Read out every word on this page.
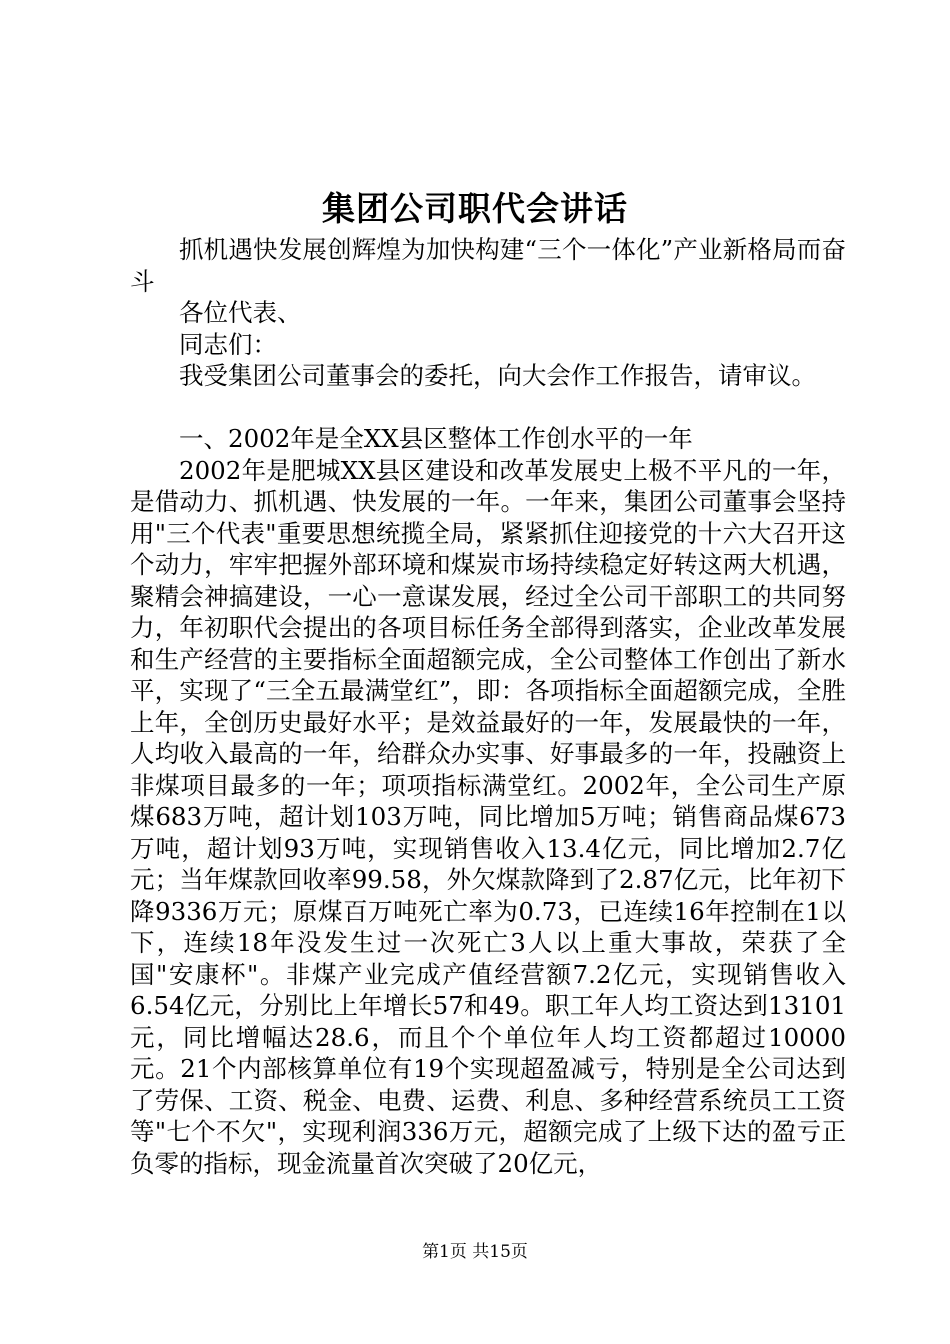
集团公司职代会讲话

抓机遇快发展创辉煌为加快构建“三个一体化”产业新格局而奋斗

各位代表、

同志们：

我受集团公司董事会的委托，向大会作工作报告，请审议。

一、2002年是全XX县区整体工作创水平的一年

2002年是肥城XX县区建设和改革发展史上极不平凡的一年，是借动力、抓机遇、快发展的一年。一年来，集团公司董事会坚持用"三个代表"重要思想统揽全局，紧紧抓住迎接党的十六大召开这个动力，牢牢把握外部环境和煤炭市场持续稳定好转这两大机遇，聚精会神搞建设，一心一意谋发展，经过全公司干部职工的共同努力，年初职代会提出的各项目标任务全部得到落实，企业改革发展和生产经营的主要指标全面超额完成，全公司整体工作创出了新水平，实现了“三全五最满堂红”，即：各项指标全面超额完成，全胜上年，全创历史最好水平；是效益最好的一年，发展最快的一年，人均收入最高的一年，给群众办实事、好事最多的一年，投融资上非煤项目最多的一年；项项指标满堂红。2002年，全公司生产原煤683万吨，超计划103万吨，同比增加5万吨；销售商品煤673万吨，超计划93万吨，实现销售收入13.4亿元，同比增加2.7亿元；当年煤款回收率99.58，外欠煤款降到了2.87亿元，比年初下降9336万元；原煤百万吨死亡率为0.73，已连续16年控制在1以下，连续18年没发生过一次死亡3人以上重大事故，荣获了全国"安康杯"。非煤产业完成产值经营额7.2亿元，实现销售收入6.54亿元，分别比上年增长57和49。职工年人均工资达到13101元，同比增幅达28.6，而且个个单位年人均工资都超过10000元。21个内部核算单位有19个实现超盈减亏，特别是全公司达到了劳保、工资、税金、电费、运费、利息、多种经营系统员工工资等"七个不欠"，实现利润336万元，超额完成了上级下达的盈亏正负零的指标，现金流量首次突破了20亿元，

第1页 共15页
